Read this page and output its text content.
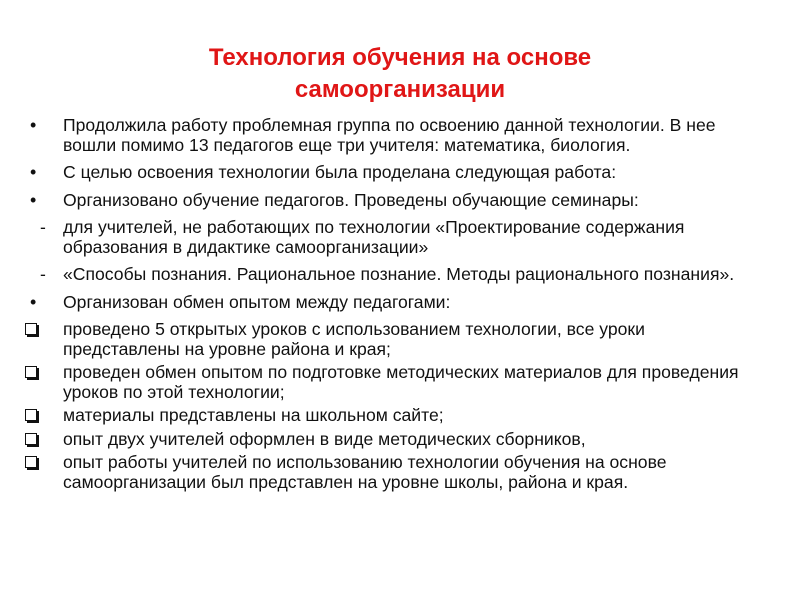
Технология обучения на основе
самоорганизации
• Продолжила работу проблемная группа по освоению данной технологии. В нее вошли помимо 13 педагогов еще три учителя: математика, биология.
• С целью освоения технологии была проделана следующая работа:
• Организовано обучение педагогов. Проведены обучающие семинары:
- для учителей, не работающих по технологии «Проектирование содержания образования в дидактике самоорганизации»
- «Способы познания. Рациональное познание. Методы рационального познания».
• Организован обмен опытом между педагогами:
проведено 5 открытых уроков с использованием технологии, все уроки представлены на уровне района и края;
проведен обмен опытом по подготовке методических материалов для проведения уроков по этой технологии;
материалы представлены на школьном сайте;
опыт двух учителей оформлен в виде методических сборников,
опыт работы учителей по использованию технологии обучения на основе самоорганизации был представлен на уровне школы, района и края.
